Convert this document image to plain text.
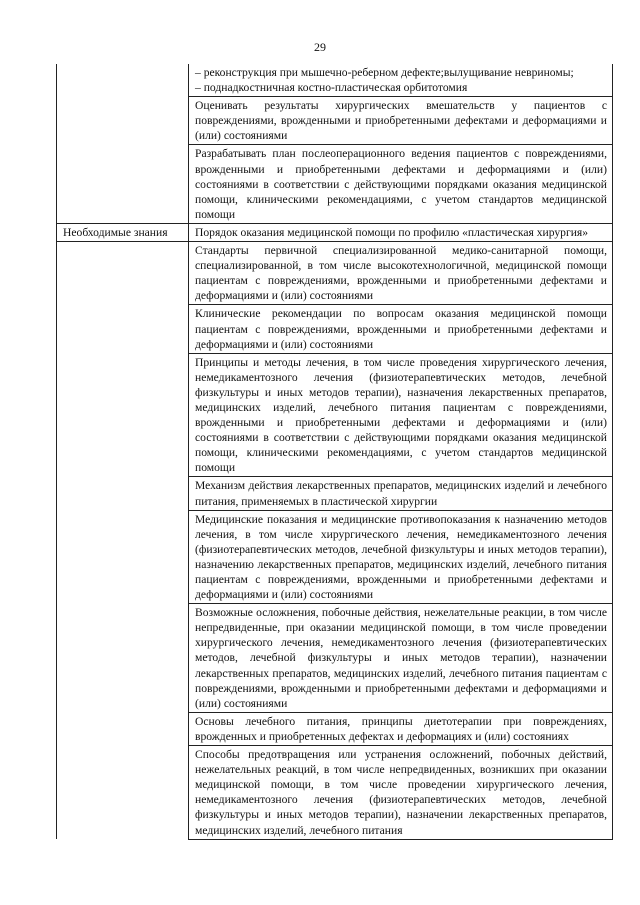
29

	– реконструкция при мышечно-реберном дефекте;вылущивание невриномы;
– поднадкостничная костно-пластическая орбитотомия

	Оценивать результаты хирургических вмешательств у пациентов с повреждениями, врожденными и приобретенными дефектами и деформациями и (или) состояниями
	Разрабатывать план послеоперационного ведения пациентов с повреждениями, врожденными и приобретенными дефектами и деформациями и (или) состояниями в соответствии с действующими порядками оказания медицинской помощи, клиническими рекомендациями, с учетом стандартов медицинской помощи
Необходимые знания	Порядок оказания медицинской помощи по профилю «пластическая хирургия»
	Стандарты первичной специализированной медико-санитарной помощи, специализированной, в том числе высокотехнологичной, медицинской помощи пациентам с повреждениями, врожденными и приобретенными дефектами и деформациями и (или) состояниями
	Клинические рекомендации по вопросам оказания медицинской помощи пациентам с повреждениями, врожденными и приобретенными дефектами и деформациями и (или) состояниями
	Принципы и методы лечения, в том числе проведения хирургического лечения, немедикаментозного лечения (физиотерапевтических методов, лечебной физкультуры и иных методов терапии), назначения лекарственных препаратов, медицинских изделий, лечебного питания пациентам с повреждениями, врожденными и приобретенными дефектами и деформациями и (или) состояниями в соответствии с действующими порядками оказания медицинской помощи, клиническими рекомендациями, с учетом стандартов медицинской помощи
	Механизм действия лекарственных препаратов, медицинских изделий и лечебного питания, применяемых в пластической хирургии
	Медицинские показания и медицинские противопоказания к назначению методов лечения, в том числе хирургического лечения, немедикаментозного лечения (физиотерапевтических методов, лечебной физкультуры и иных методов терапии), назначению лекарственных препаратов, медицинских изделий, лечебного питания пациентам с повреждениями, врожденными и приобретенными дефектами и деформациями и (или) состояниями
	Возможные осложнения, побочные действия, нежелательные реакции, в том числе непредвиденные, при оказании медицинской помощи, в том числе проведении хирургического лечения, немедикаментозного лечения (физиотерапевтических методов, лечебной физкультуры и иных методов терапии), назначении лекарственных препаратов, медицинских изделий, лечебного питания пациентам с повреждениями, врожденными и приобретенными дефектами и деформациями и (или) состояниями
	Основы лечебного питания, принципы диетотерапии при повреждениях, врожденных и приобретенных дефектах и деформациях и (или) состояниях
	Способы предотвращения или устранения осложнений, побочных действий, нежелательных реакций, в том числе непредвиденных, возникших при оказании медицинской помощи, в том числе проведении хирургического лечения, немедикаментозного лечения (физиотерапевтических методов, лечебной физкультуры и иных методов терапии), назначении лекарственных препаратов, медицинских изделий, лечебного питания
